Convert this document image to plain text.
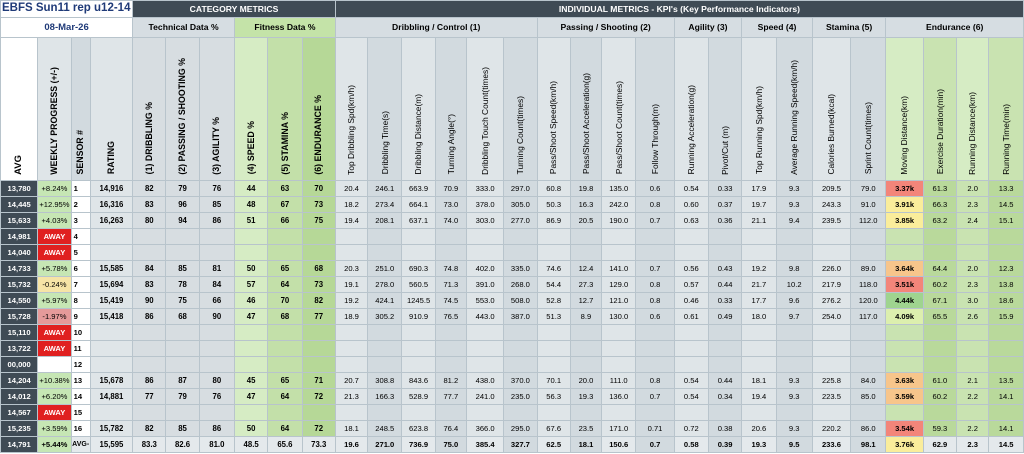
EBFS Sun11 rep u12-14				CATEGORY METRICS						INDIVIDUAL METRICS - KPI's (Key Performance Indicators)																			
08-Mar-26				Technical Data %			Fitness Data %			Dribbling / Control (1)						Passing / Shooting (2)				Agility (3)		Speed (4)		Stamina (5)		Endurance (6)			
AVG	WEEKLY PROGRESS (+/-)	SENSOR #	RATING	(1) DRIBBLING %	(2) PASSING / SHOOTING %	(3) AGILITY %	(4) SPEED %	(5) STAMINA %	(6) ENDURANCE %	Top Dribbling Spd(km/h)	Dribbling Time(s)	Dribbling Distance(m)	Turning Angle(°)	Dribbling Touch Count(times)	Turning Count(times)	Pass/Shoot Speed(km/h)	Pass/Shoot Acceleration(g)	Pass/Shoot Count(times)	Follow Through(m)	Running Acceleration(g)	Pivot/Cut (m)	Top Running Spd(km/h)	Average Running Speed(km/h)	Calories Burned(kcal)	Sprint Count(times)	Moving Distance(km)	Exercise Duration(min)	Running Distance(km)	Running Time(min)
13,780	+8.24%	1	14,916	82	79	76	44	63	70	20.4	246.1	663.9	70.9	333.0	297.0	60.8	19.8	135.0	0.6	0.54	0.33	17.9	9.3	209.5	79.0	3.37k	61.3	2.0	13.3
14,445	+12.95%	2	16,316	83	96	85	48	67	73	18.2	273.4	664.1	73.0	378.0	305.0	50.3	16.3	242.0	0.8	0.60	0.37	19.7	9.3	243.3	91.0	3.91k	66.3	2.3	14.5
15,633	+4.03%	3	16,263	80	94	86	51	66	75	19.4	208.1	637.1	74.0	303.0	277.0	86.9	20.5	190.0	0.7	0.63	0.36	21.1	9.4	239.5	112.0	3.85k	63.2	2.4	15.1
14,981	AWAY	4																											
14,040	AWAY	5																											
14,733	+5.78%	6	15,585	84	85	81	50	65	68	20.3	251.0	690.3	74.8	402.0	335.0	74.6	12.4	141.0	0.7	0.56	0.43	19.2	9.8	226.0	89.0	3.64k	64.4	2.0	12.3
15,732	-0.24%	7	15,694	83	78	84	57	64	73	19.1	278.0	560.5	71.3	391.0	268.0	54.4	27.3	129.0	0.8	0.57	0.44	21.7	10.2	217.9	118.0	3.51k	60.2	2.3	13.8
14,550	+5.97%	8	15,419	90	75	66	46	70	82	19.2	424.1	1245.5	74.5	553.0	508.0	52.8	12.7	121.0	0.8	0.46	0.33	17.7	9.6	276.2	120.0	4.44k	67.1	3.0	18.6
15,728	-1.97%	9	15,418	86	68	90	47	68	77	18.9	305.2	910.9	76.5	443.0	387.0	51.3	8.9	130.0	0.6	0.61	0.49	18.0	9.7	254.0	117.0	4.09k	65.5	2.6	15.9
15,110	AWAY	10																											
13,722	AWAY	11																											
00,000		12																											
14,204	+10.38%	13	15,678	86	87	80	45	65	71	20.7	308.8	843.6	81.2	438.0	370.0	70.1	20.0	111.0	0.8	0.54	0.44	18.1	9.3	225.8	84.0	3.63k	61.0	2.1	13.5
14,012	+6.20%	14	14,881	77	79	76	47	64	72	21.3	166.3	528.9	77.7	241.0	235.0	56.3	19.3	136.0	0.7	0.54	0.34	19.4	9.3	223.5	85.0	3.59k	60.2	2.2	14.1
14,567	AWAY	15																											
15,235	+3.59%	16	15,782	82	85	86	50	64	72	18.1	248.5	623.8	76.4	366.0	295.0	67.6	23.5	171.0	0.71	0.72	0.38	20.6	9.3	220.2	86.0	3.54k	59.3	2.2	14.1
14,791	+5.44%	AVG-	15,595	83.3	82.6	81.0	48.5	65.6	73.3	19.6	271.0	736.9	75.0	385.4	327.7	62.5	18.1	150.6	0.7	0.58	0.39	19.3	9.5	233.6	98.1	3.76k	62.9	2.3	14.5
